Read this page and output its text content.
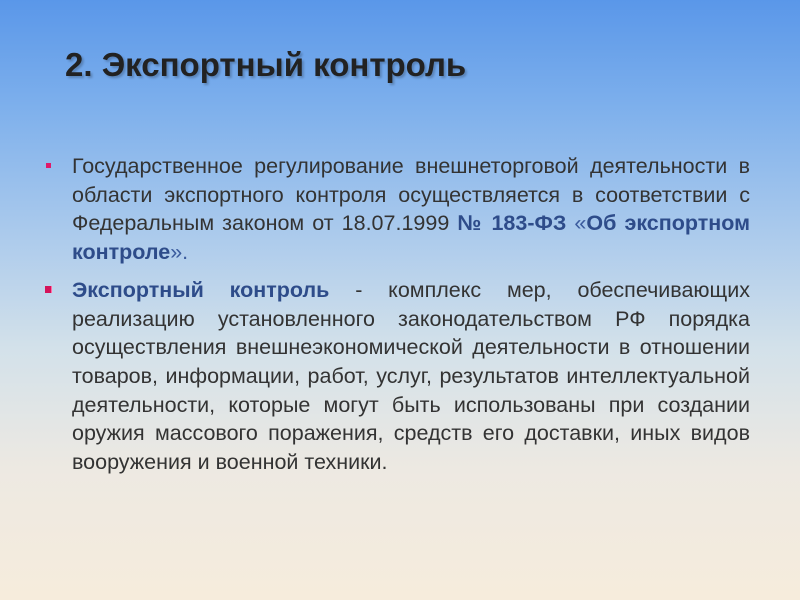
2. Экспортный контроль
Государственное регулирование внешнеторговой деятельности в области экспортного контроля осуществляется в соответствии с Федеральным законом от 18.07.1999 № 183-ФЗ «Об экспортном контроле».
Экспортный контроль - комплекс мер, обеспечивающих реализацию установленного законодательством РФ порядка осуществления внешнеэкономической деятельности в отношении товаров, информации, работ, услуг, результатов интеллектуальной деятельности, которые могут быть использованы при создании оружия массового поражения, средств его доставки, иных видов вооружения и военной техники.
